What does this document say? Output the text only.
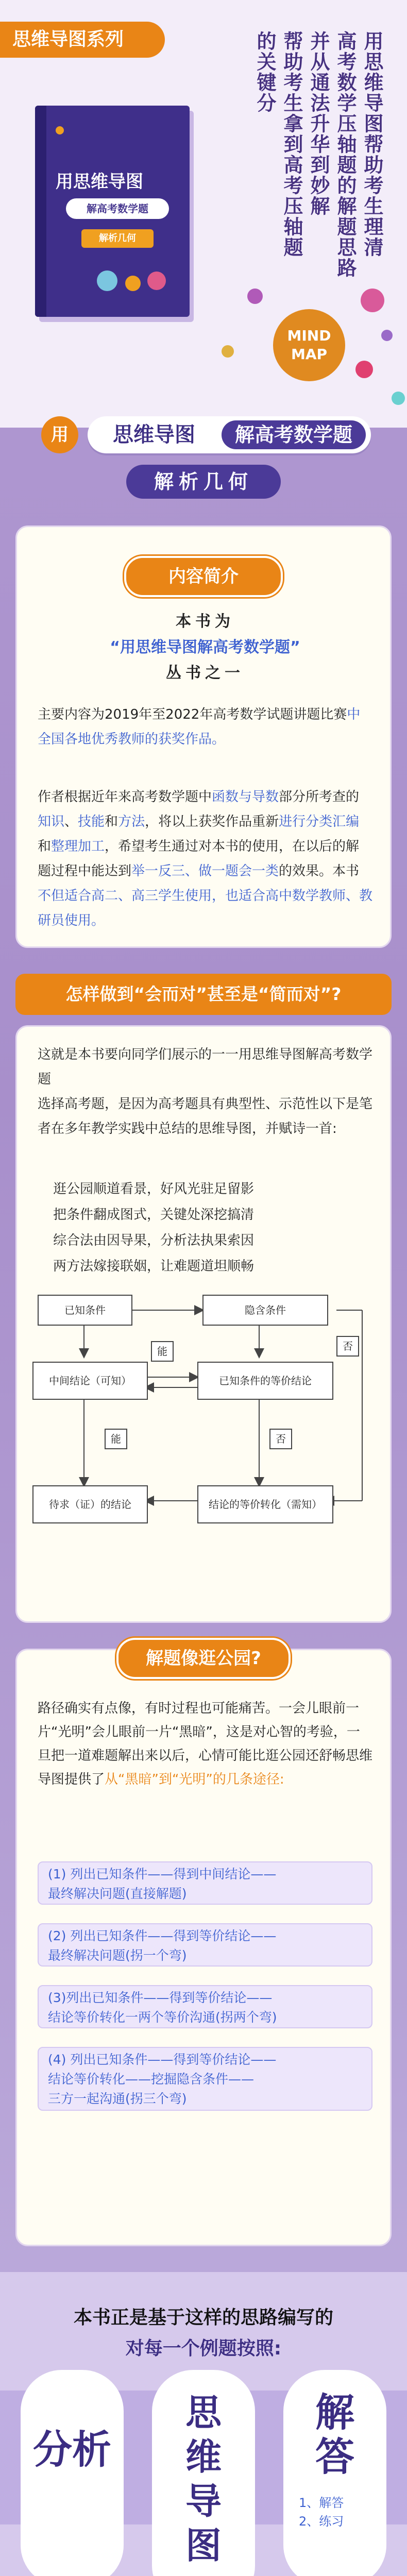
思维导图系列
用思维导图
解高考数学题
解析几何	用思维导图帮助考生理清
高考数学压轴题的解题思路
并从通法升华到妙解
帮助考生拿到高考压轴题
的关键分
MIND MAP
用	思维导图	解高考数学题
解析几何
内容简介
本书为
“用思维导图解高考数学题”
丛书之一

主要内容为2019年至2022年高考数学试题讲题比赛中全国各地优秀教师的获奖作品。

作者根据近年来高考数学题中函数与导数部分所考查的知识、技能和方法，将以上获奖作品重新进行分类汇编和整理加工，希望考生通过对本书的使用，在以后的解题过程中能达到举一反三、做一题会一类的效果。本书不但适合高二、高三学生使用，也适合高中数学教师、教研员使用。

怎样做到“会而对”甚至是“简而对”?

这就是本书要向同学们展示的一一用思维导图解高考数学题

选择高考题，是因为高考题具有典型性、示范性以下是笔者在多年教学实践中总结的思维导图，并赋诗一首:

逛公园顺道看景，好风光驻足留影
把条件翻成图式，关键处深挖搞清
综合法由因导果，分析法执果索因
两方法嫁接联姻，让难题道坦顺畅
已知条件	隐含条件
中间结论（可知）	已知条件的等价结论
能	否
能	否
待求（证）的结论	结论的等价转化（需知）
解题像逛公园?

路径确实有点像，有时过程也可能痛苦。一会儿眼前一片“光明”会儿眼前一片“黑暗”，这是对心智的考验，一旦把一道难题解出来以后，心情可能比逛公园还舒畅思维导图提供了从“黑暗”到“光明”的几条途径:

(1) 列出已知条件——得到中间结论——
最终解决问题(直接解题)
(2) 列出已知条件——得到等价结论——
最终解决问题(拐一个弯)
(3)列出已知条件——得到等价结论——
结论等价转化一两个等价沟通(拐两个弯)
(4) 列出已知条件——得到等价结论——
结论等价转化——挖掘隐含条件——
三方一起沟通(拐三个弯)
本书正是基于这样的思路编写的
对每一个例题按照:
分析
思维导图
解答
1、解答
2、练习
